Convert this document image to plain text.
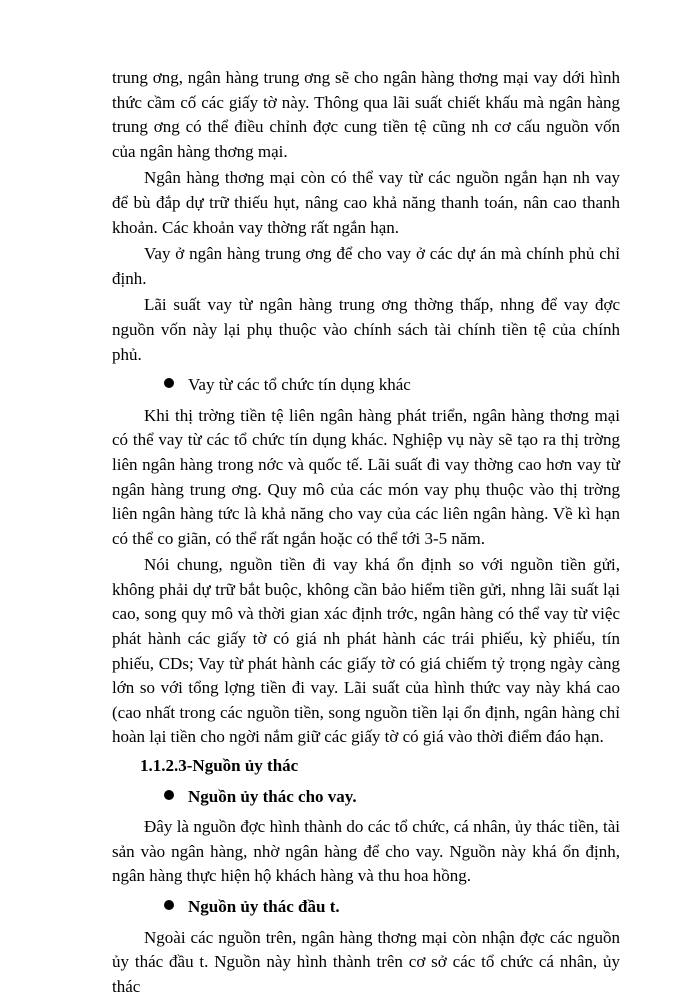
trung ơng, ngân hàng trung ơng sẽ cho ngân hàng thơng mại vay dới hình thức cầm cố các giấy tờ này. Thông qua lãi suất chiết khấu mà ngân hàng trung ơng có thể điều chỉnh đợc cung tiền tệ cũng nh cơ cấu nguồn vốn của ngân hàng thơng mại.

Ngân hàng thơng mại còn có thể vay từ các nguồn ngắn hạn nh vay để bù đắp dự trữ thiếu hụt, nâng cao khả năng thanh toán, nân cao thanh khoản. Các khoản vay thờng rất ngắn hạn.

Vay ở ngân hàng trung ơng để cho vay ở các dự án mà chính phủ chỉ định.

Lãi suất vay từ ngân hàng trung ơng thờng thấp, nhng để vay đợc nguồn vốn này lại phụ thuộc vào chính sách tài chính tiền tệ của chính phủ.

Vay từ các tổ chức tín dụng khác

Khi thị trờng tiền tệ liên ngân hàng phát triển, ngân hàng thơng mại có thể vay từ các tổ chức tín dụng khác. Nghiệp vụ này sẽ tạo ra thị trờng liên ngân hàng trong nớc và quốc tế. Lãi suất đi vay thờng cao hơn vay từ ngân hàng trung ơng. Quy mô của các món vay phụ thuộc vào thị trờng liên ngân hàng tức là khả năng cho vay của các liên ngân hàng. Về kì hạn có thể co giãn, có thể rất ngắn hoặc có thể tới 3-5 năm.

Nói chung, nguồn tiền đi vay khá ổn định so với nguồn tiền gửi, không phải dự trữ bắt buộc, không cần bảo hiểm tiền gửi, nhng lãi suất lại cao, song quy mô và thời gian xác định trớc, ngân hàng có thể vay từ việc phát hành các giấy tờ có giá nh phát hành các trái phiếu, kỳ phiếu, tín phiếu, CDs; Vay từ phát hành các giấy tờ có giá chiếm tỷ trọng ngày càng lớn so với tổng lợng tiền đi vay. Lãi suất của hình thức vay này khá cao (cao nhất trong các nguồn tiền, song nguồn tiền lại ổn định, ngân hàng chỉ hoàn lại tiền cho ngời nắm giữ các giấy tờ có giá vào thời điểm đáo hạn.

1.1.2.3-Nguồn ủy thác
Nguồn ủy thác cho vay.

Đây là nguồn đợc hình thành do các tổ chức, cá nhân, ủy thác tiền, tài sản vào ngân hàng, nhờ ngân hàng để cho vay. Nguồn này khá ổn định, ngân hàng thực hiện hộ khách hàng và thu hoa hồng.

Nguồn ủy thác đầu t.

Ngoài các nguồn trên, ngân hàng thơng mại còn nhận đợc các nguồn ủy thác đầu t. Nguồn này hình thành trên cơ sở các tổ chức cá nhân, ủy thác
